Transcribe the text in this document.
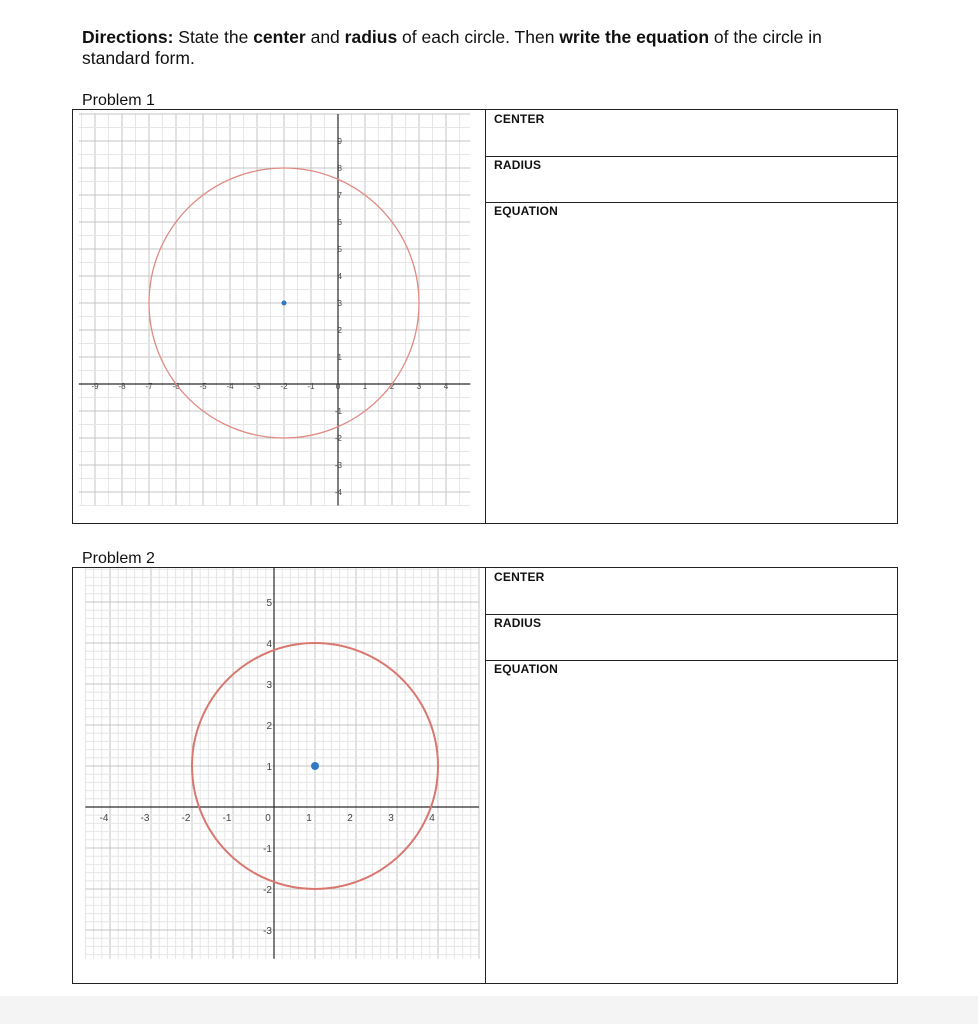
Directions: State the center and radius of each circle. Then write the equation of the circle in standard form.
Problem 1
-9 -8 -7 -6 -5 -4 -3 -2 -1	0	1	2	3	4
9
8
7
6
5
4
3
2
1
-1
-2
-3
-4
CENTER
RADIUS
EQUATION
Problem 2
-4	-3	-2	-1	0	1	2	3	4
5
4
3
2
1
-1
-2
-3
CENTER
RADIUS
EQUATION
